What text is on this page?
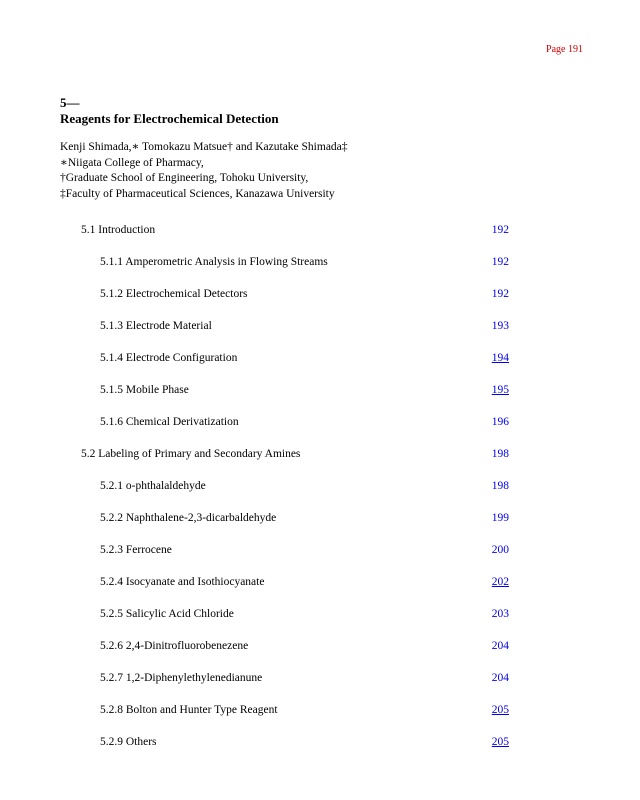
Page 191
5—
Reagents for Electrochemical Detection
Kenji Shimada,∗ Tomokazu Matsue† and Kazutake Shimada‡
∗Niigata College of Pharmacy,
†Graduate School of Engineering, Tohoku University,
‡Faculty of Pharmaceutical Sciences, Kanazawa University
5.1 Introduction	192
5.1.1 Amperometric Analysis in Flowing Streams	192
5.1.2 Electrochemical Detectors	192
5.1.3 Electrode Material	193
5.1.4 Electrode Configuration	194
5.1.5 Mobile Phase	195
5.1.6 Chemical Derivatization	196
5.2 Labeling of Primary and Secondary Amines	198
5.2.1 o-phthalaldehyde	198
5.2.2 Naphthalene-2,3-dicarbaldehyde	199
5.2.3 Ferrocene	200
5.2.4 Isocyanate and Isothiocyanate	202
5.2.5 Salicylic Acid Chloride	203
5.2.6 2,4-Dinitrofluorobenezene	204
5.2.7 1,2-Diphenylethylenedianune	204
5.2.8 Bolton and Hunter Type Reagent	205
5.2.9 Others	205
